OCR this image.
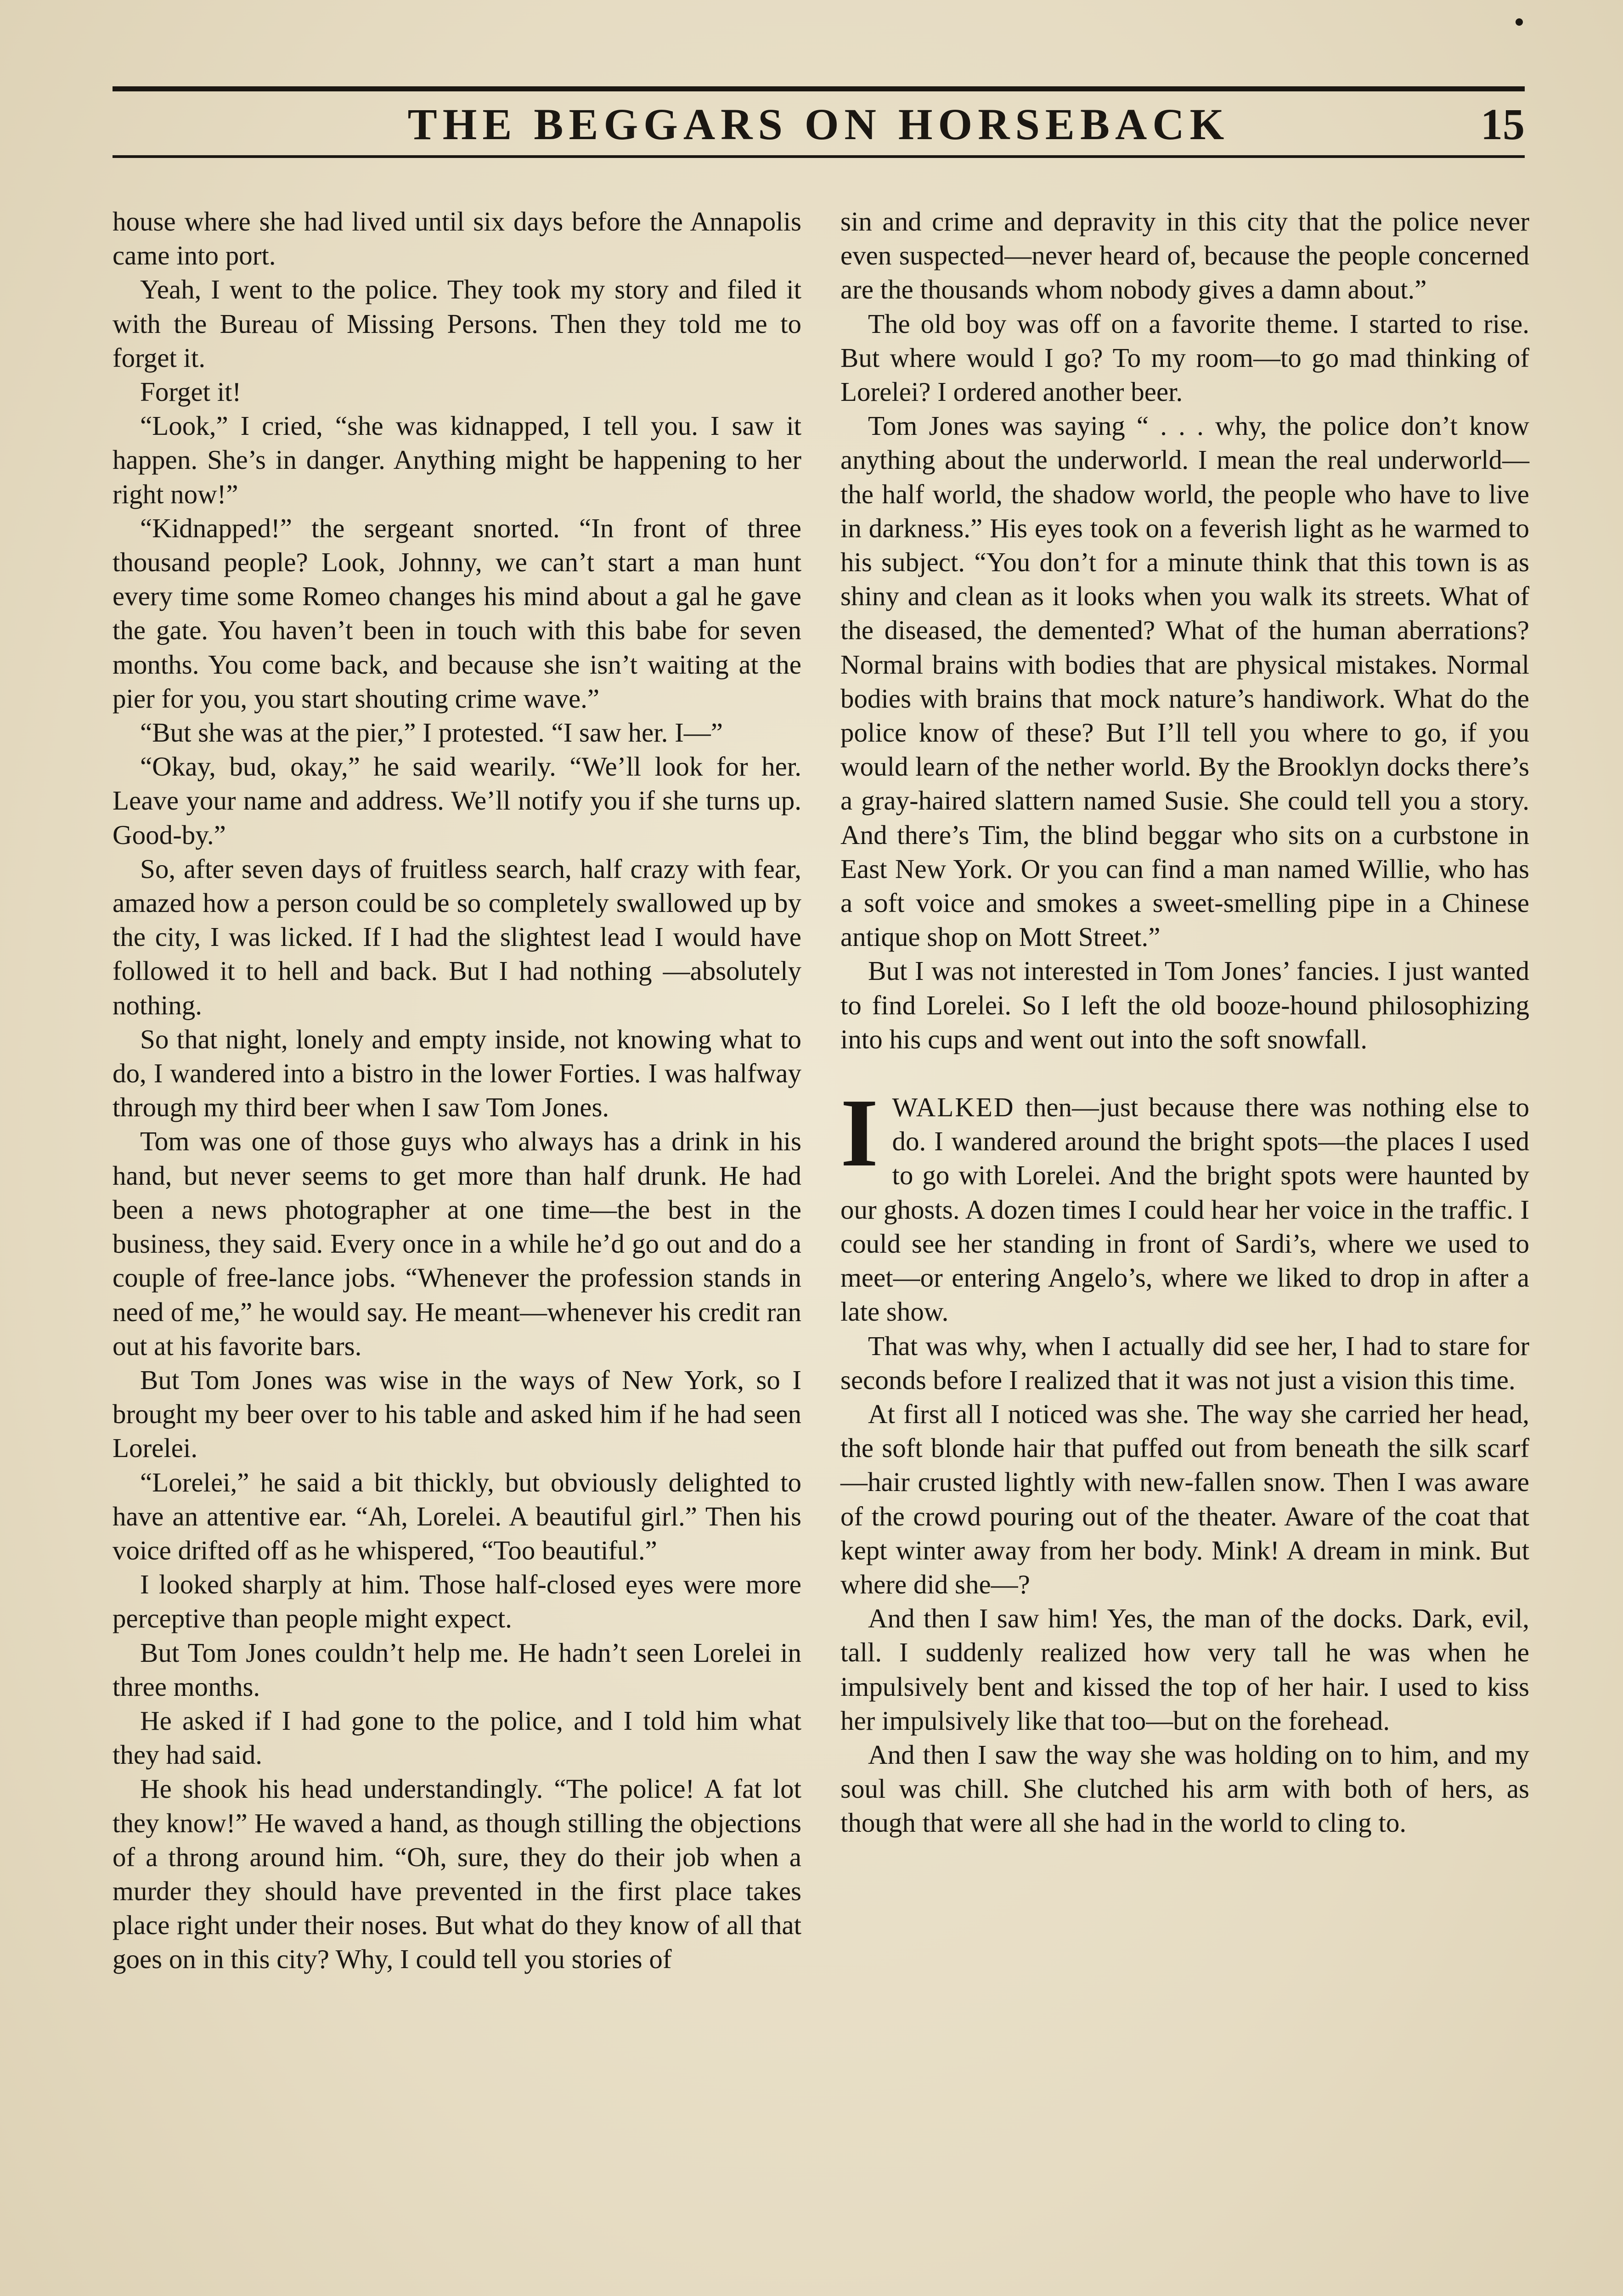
THE BEGGARS ON HORSEBACK	15

house where she had lived until six days before the Annapolis came into port.

Yeah, I went to the police. They took my story and filed it with the Bureau of Missing Persons. Then they told me to forget it.

Forget it!

“Look,” I cried, “she was kidnapped, I tell you. I saw it happen. She’s in danger. Anything might be happening to her right now!”

“Kidnapped!” the sergeant snorted. “In front of three thousand people? Look, Johnny, we can’t start a man hunt every time some Romeo changes his mind about a gal he gave the gate. You haven’t been in touch with this babe for seven months. You come back, and because she isn’t waiting at the pier for you, you start shouting crime wave.”

“But she was at the pier,” I protested. “I saw her. I—”

“Okay, bud, okay,” he said wearily. “We’ll look for her. Leave your name and address. We’ll notify you if she turns up. Good-by.”

So, after seven days of fruitless search, half crazy with fear, amazed how a person could be so completely swallowed up by the city, I was licked. If I had the slightest lead I would have followed it to hell and back. But I had nothing —absolutely nothing.

So that night, lonely and empty inside, not knowing what to do, I wandered into a bistro in the lower Forties. I was halfway through my third beer when I saw Tom Jones.

Tom was one of those guys who always has a drink in his hand, but never seems to get more than half drunk. He had been a news photographer at one time—the best in the business, they said. Every once in a while he’d go out and do a couple of free-lance jobs. “Whenever the profession stands in need of me,” he would say. He meant—whenever his credit ran out at his favorite bars.

But Tom Jones was wise in the ways of New York, so I brought my beer over to his table and asked him if he had seen Lorelei.

“Lorelei,” he said a bit thickly, but obviously delighted to have an attentive ear. “Ah, Lorelei. A beautiful girl.” Then his voice drifted off as he whispered, “Too beautiful.”

I looked sharply at him. Those half-closed eyes were more perceptive than people might expect.

But Tom Jones couldn’t help me. He hadn’t seen Lorelei in three months.

He asked if I had gone to the police, and I told him what they had said.

He shook his head understandingly. “The police! A fat lot they know!” He waved a hand, as though stilling the objections of a throng around him. “Oh, sure, they do their job when a murder they should have prevented in the first place takes place right under their noses. But what do they know of all that goes on in this city? Why, I could tell you stories of

sin and crime and depravity in this city that the police never even suspected—never heard of, because the people concerned are the thousands whom nobody gives a damn about.”

The old boy was off on a favorite theme. I started to rise. But where would I go? To my room—to go mad thinking of Lorelei? I ordered another beer.

Tom Jones was saying “ . . . why, the police don’t know anything about the underworld. I mean the real underworld—the half world, the shadow world, the people who have to live in darkness.” His eyes took on a feverish light as he warmed to his subject. “You don’t for a minute think that this town is as shiny and clean as it looks when you walk its streets. What of the diseased, the demented? What of the human aberrations? Normal brains with bodies that are physical mistakes. Normal bodies with brains that mock nature’s handiwork. What do the police know of these? But I’ll tell you where to go, if you would learn of the nether world. By the Brooklyn docks there’s a gray-haired slattern named Susie. She could tell you a story. And there’s Tim, the blind beggar who sits on a curbstone in East New York. Or you can find a man named Willie, who has a soft voice and smokes a sweet-smelling pipe in a Chinese antique shop on Mott Street.”

But I was not interested in Tom Jones’ fancies. I just wanted to find Lorelei. So I left the old booze-hound philosophizing into his cups and went out into the soft snowfall.

IWALKED then—just because there was nothing else to do. I wandered around the bright spots—the places I used to go with Lorelei. And the bright spots were haunted by our ghosts. A dozen times I could hear her voice in the traffic. I could see her standing in front of Sardi’s, where we used to meet—or entering Angelo’s, where we liked to drop in after a late show.

That was why, when I actually did see her, I had to stare for seconds before I realized that it was not just a vision this time.

At first all I noticed was she. The way she carried her head, the soft blonde hair that puffed out from beneath the silk scarf—hair crusted lightly with new-fallen snow. Then I was aware of the crowd pouring out of the theater. Aware of the coat that kept winter away from her body. Mink! A dream in mink. But where did she—?

And then I saw him! Yes, the man of the docks. Dark, evil, tall. I suddenly realized how very tall he was when he impulsively bent and kissed the top of her hair. I used to kiss her impulsively like that too—but on the forehead.

And then I saw the way she was holding on to him, and my soul was chill. She clutched his arm with both of hers, as though that were all she had in the world to cling to.
